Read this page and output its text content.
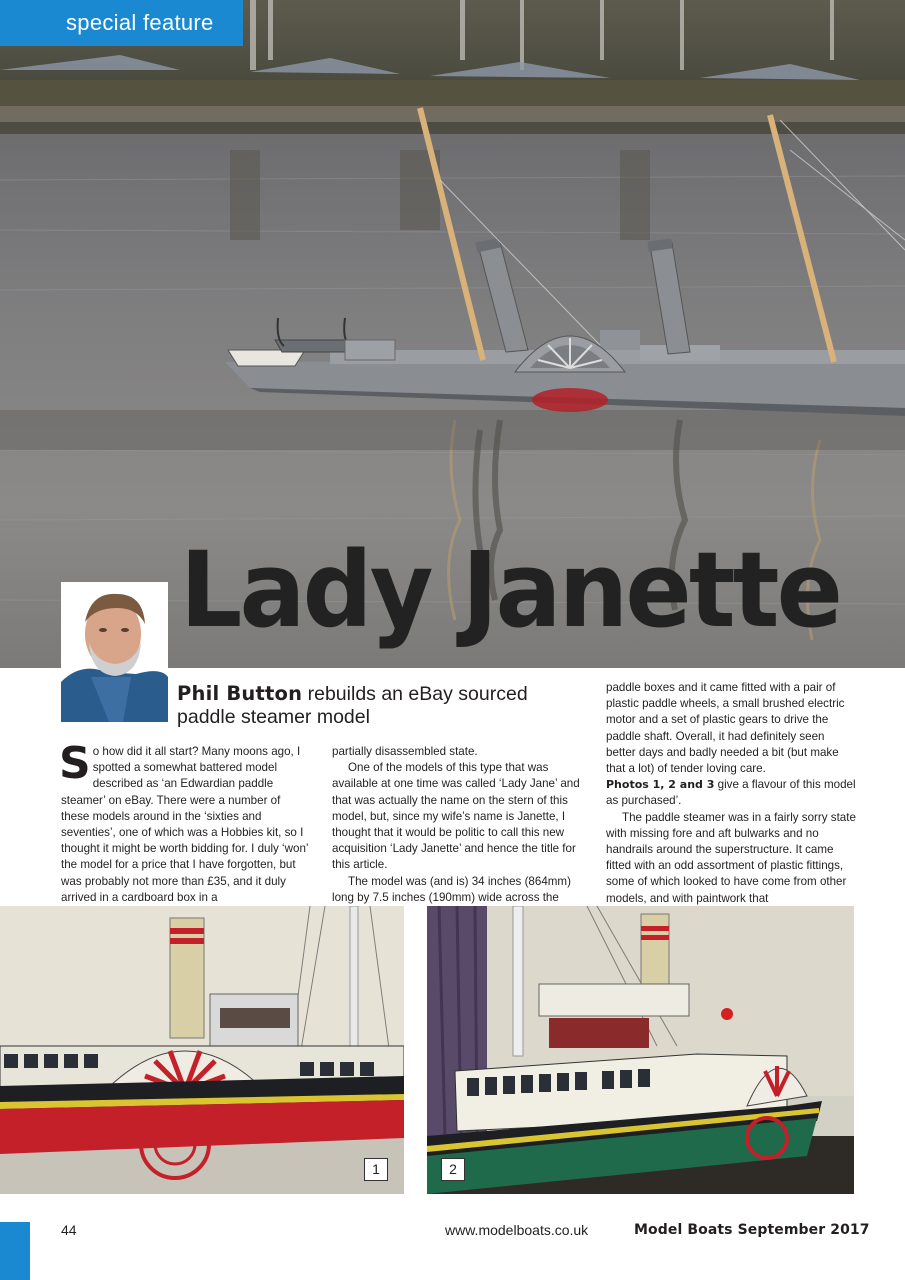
special feature
Lady Janette
Phil Button rebuilds an eBay sourced paddle steamer model

So how did it all start? Many moons ago, I spotted a somewhat battered model described as ‘an Edwardian paddle steamer’ on eBay. There were a number of these models around in the ‘sixties and seventies’, one of which was a Hobbies kit, so I thought it might be worth bidding for. I duly ‘won’ the model for a price that I have forgotten, but was probably not more than £35, and it duly arrived in a cardboard box in a

partially disassembled state.

One of the models of this type that was available at one time was called ‘Lady Jane’ and that was actually the name on the stern of this model, but, since my wife’s name is Janette, I thought that it would be politic to call this new acquisition ‘Lady Janette’ and hence the title for this article.

The model was (and is) 34 inches (864mm) long by 7.5 inches (190mm) wide across the

paddle boxes and it came fitted with a pair of plastic paddle wheels, a small brushed electric motor and a set of plastic gears to drive the paddle shaft. Overall, it had definitely seen better days and badly needed a bit (but make that a lot) of tender loving care.

Photos 1, 2 and 3 give a flavour of this model as purchased’.

The paddle steamer was in a fairly sorry state with missing fore and aft bulwarks and no handrails around the superstructure. It came fitted with an odd assortment of plastic fittings, some of which looked to have come from other models, and with paintwork that

1	2
44	www.modelboats.co.uk	Model Boats September 2017
